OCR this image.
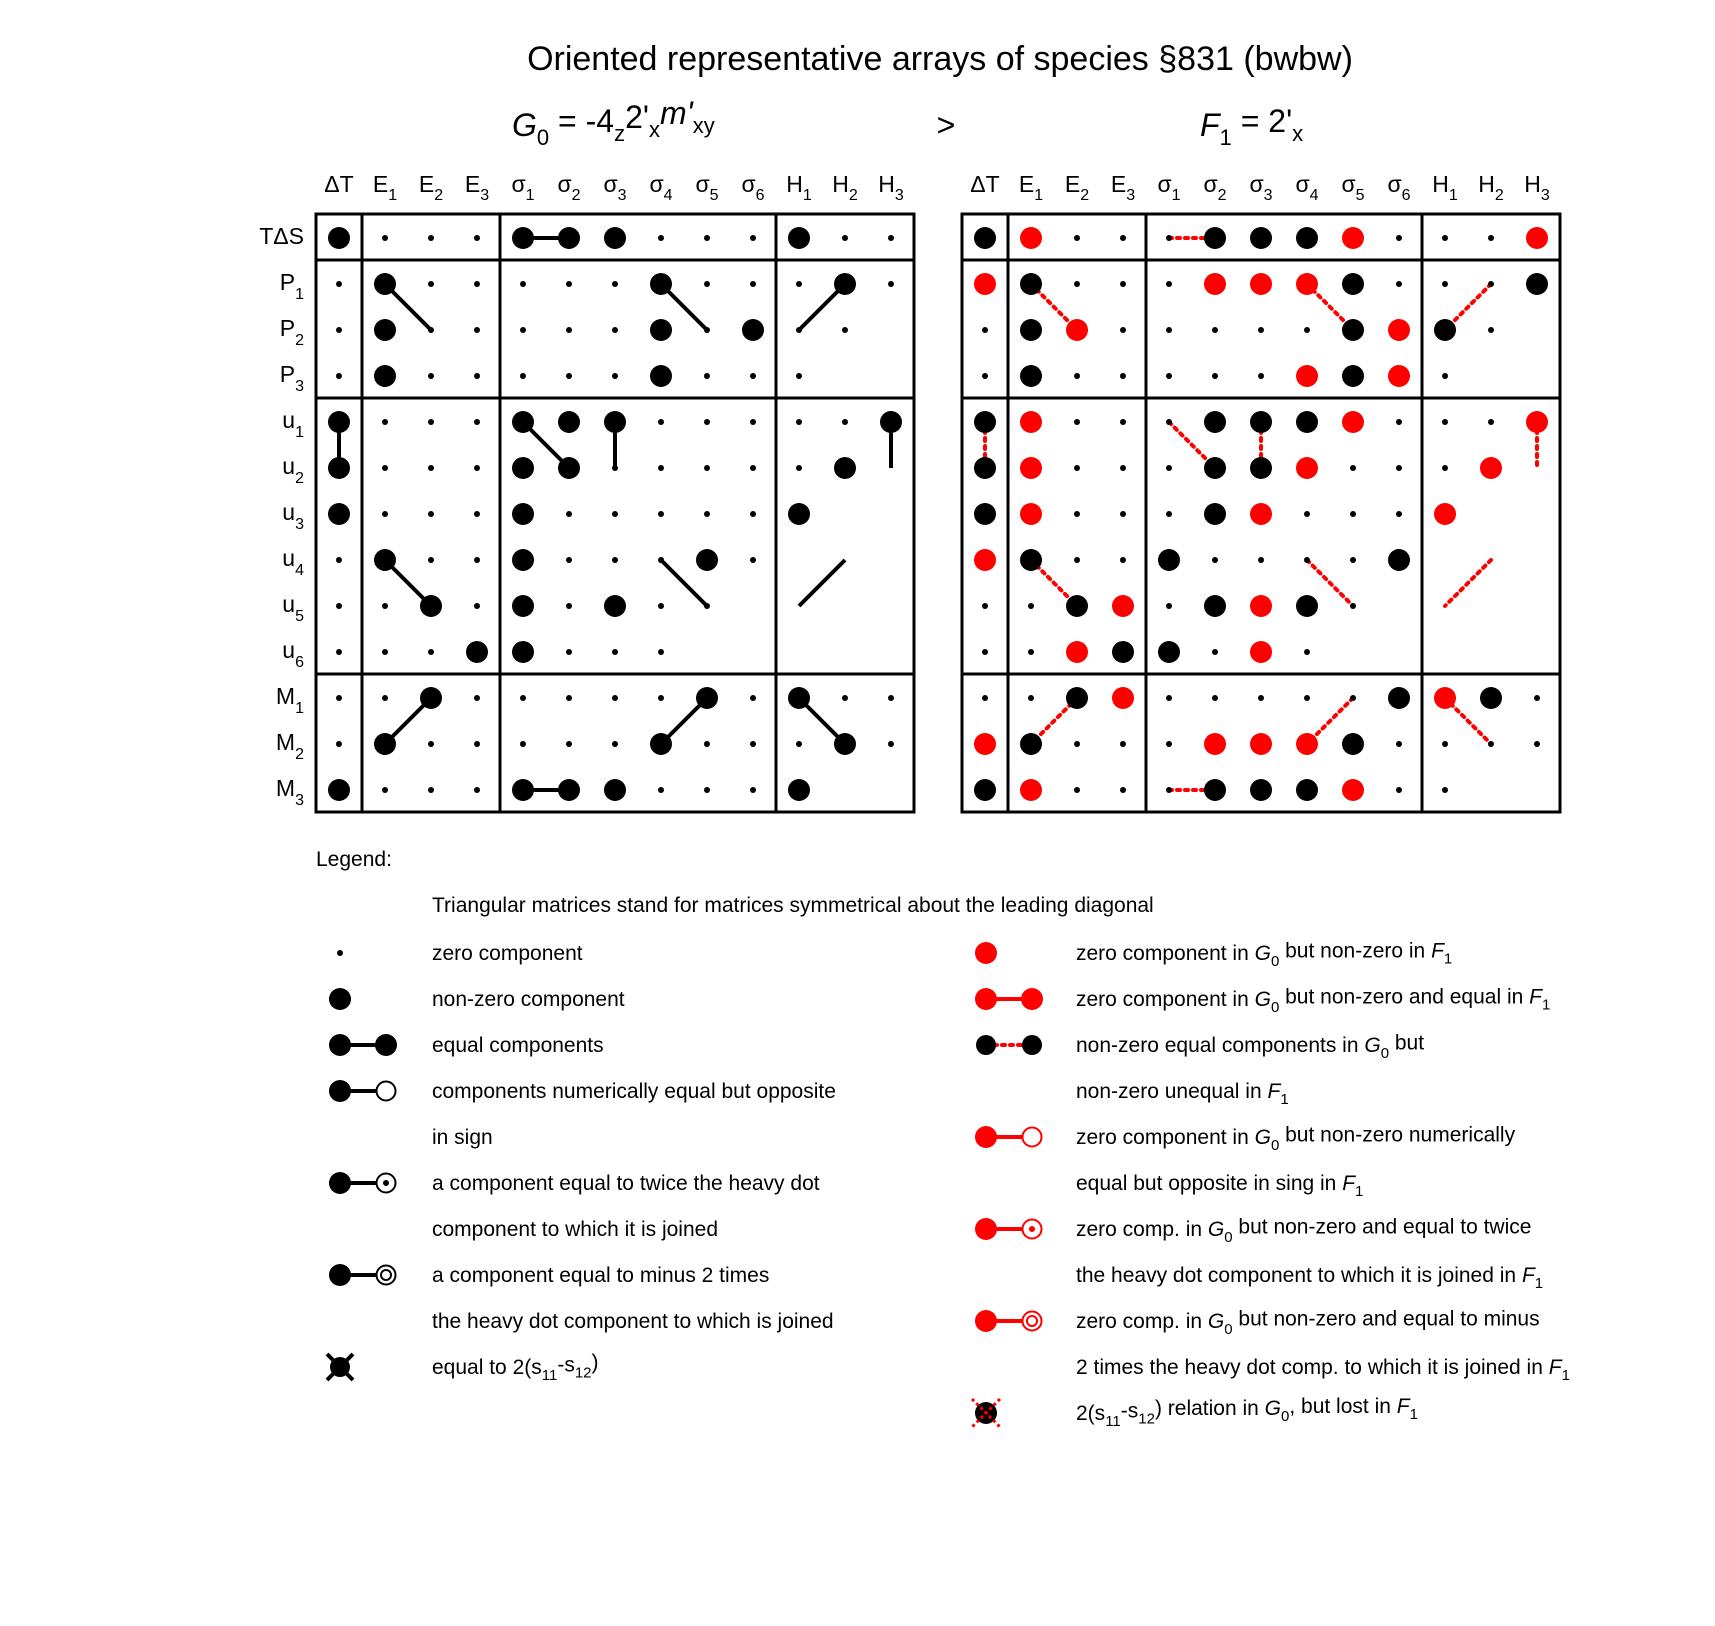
Oriented representative arrays of species §831 (bwbw)
$G_0 = -4_z2'_xm'_{xy}$	>	$F_1 = 2'_x$
ΔT $E_1$ $E_2$ $E_3$ $\sigma_1$ $\sigma_2$ $\sigma_3$ $\sigma_4$ $\sigma_5$ $\sigma_6$ $H_1$ $H_2$ $H_3$
TΔS
$P_1$
$P_2$
$P_3$
$u_1$
$u_2$
$u_3$
$u_4$
$u_5$
$u_6$
$M_1$
$M_2$
$M_3$
ΔT $E_1$ $E_2$ $E_3$ $\sigma_1$ $\sigma_2$ $\sigma_3$ $\sigma_4$ $\sigma_5$ $\sigma_6$ $H_1$ $H_2$ $H_3$
Legend:
Triangular matrices stand for matrices symmetrical about the leading diagonal
zero component
non-zero component
equal components
components numerically equal but opposite
in sign
a component equal to twice the heavy dot
component to which it is joined
a component equal to minus 2 times
the heavy dot component to which is joined
equal to $2(s_{11}-s_{12})$
zero component in $G_0$ but non-zero in $F_1$
zero component in $G_0$ but non-zero and equal in $F_1$
non-zero equal components in $G_0$ but
non-zero unequal in $F_1$
zero component in $G_0$ but non-zero numerically
equal but opposite in sing in $F_1$
zero comp. in $G_0$ but non-zero and equal to twice
the heavy dot component to which it is joined in $F_1$
zero comp. in $G_0$ but non-zero and equal to minus
2 times the heavy dot comp. to which it is joined in $F_1$
$2(s_{11}-s_{12})$ relation in $G_0$, but lost in $F_1$
